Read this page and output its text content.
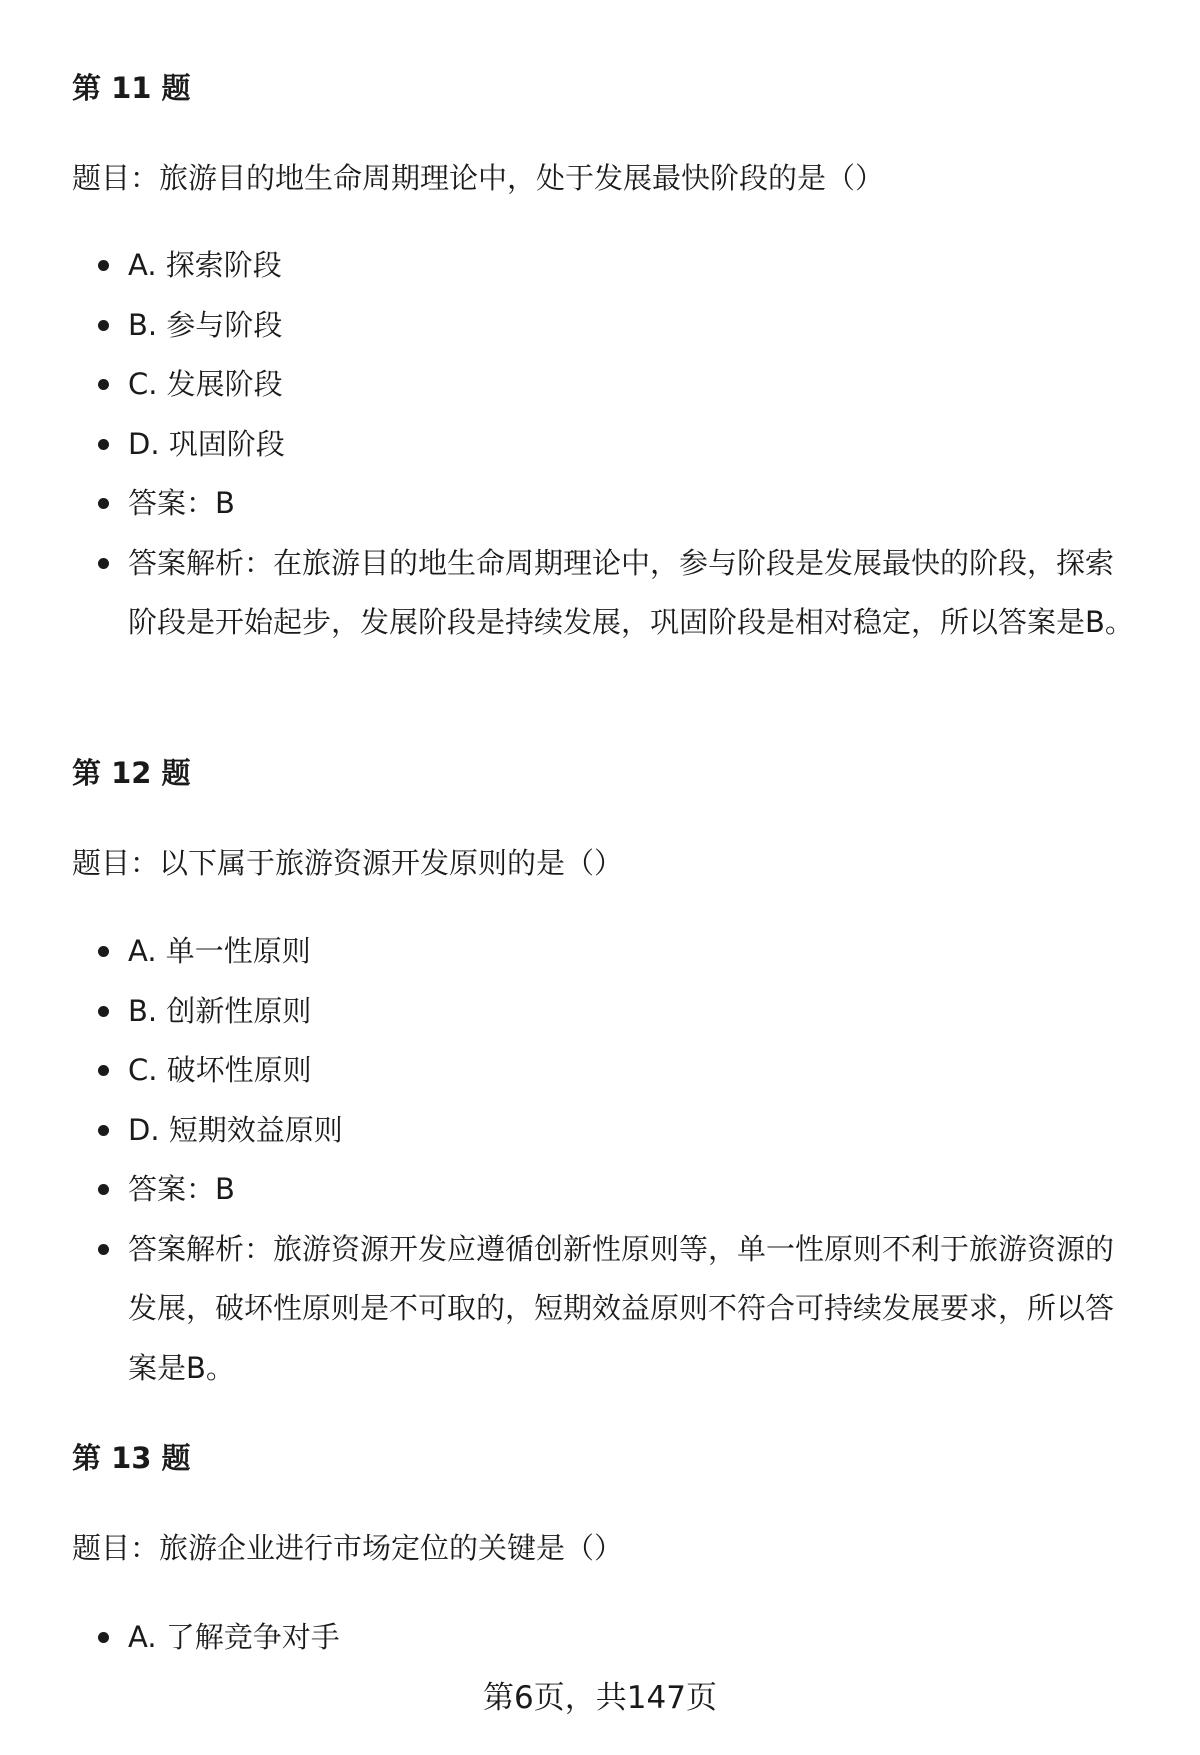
第 11 题

题目：旅游目的地生命周期理论中，处于发展最快阶段的是（）

A. 探索阶段
B. 参与阶段
C. 发展阶段
D. 巩固阶段
答案：B
答案解析：在旅游目的地生命周期理论中，参与阶段是发展最快的阶段，探索阶段是开始起步，发展阶段是持续发展，巩固阶段是相对稳定，所以答案是B。
第 12 题

题目：以下属于旅游资源开发原则的是（）

A. 单一性原则
B. 创新性原则
C. 破坏性原则
D. 短期效益原则
答案：B
答案解析：旅游资源开发应遵循创新性原则等，单一性原则不利于旅游资源的发展，破坏性原则是不可取的，短期效益原则不符合可持续发展要求，所以答案是B。
第 13 题

题目：旅游企业进行市场定位的关键是（）

A. 了解竞争对手
第6页，共147页
